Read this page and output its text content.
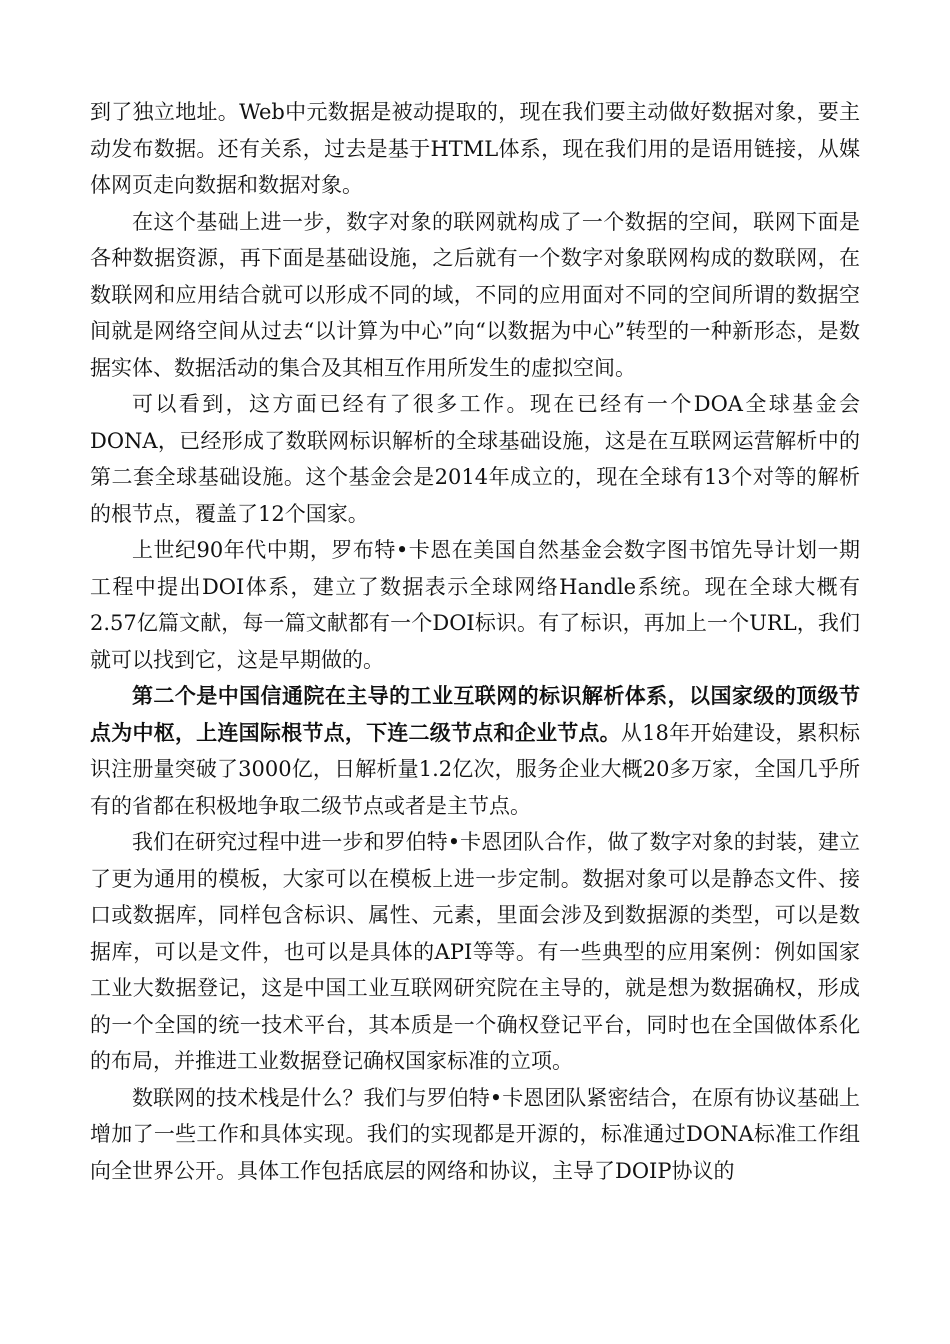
到了独立地址。Web中元数据是被动提取的，现在我们要主动做好数据对象，要主动发布数据。还有关系，过去是基于HTML体系，现在我们用的是语用链接，从媒体网页走向数据和数据对象。

在这个基础上进一步，数字对象的联网就构成了一个数据的空间，联网下面是各种数据资源，再下面是基础设施，之后就有一个数字对象联网构成的数联网，在数联网和应用结合就可以形成不同的域，不同的应用面对不同的空间所谓的数据空间就是网络空间从过去“以计算为中心”向“以数据为中心”转型的一种新形态，是数据实体、数据活动的集合及其相互作用所发生的虚拟空间。

可以看到，这方面已经有了很多工作。现在已经有一个DOA全球基金会DONA，已经形成了数联网标识解析的全球基础设施，这是在互联网运营解析中的第二套全球基础设施。这个基金会是2014年成立的，现在全球有13个对等的解析的根节点，覆盖了12个国家。

上世纪90年代中期，罗布特•卡恩在美国自然基金会数字图书馆先导计划一期工程中提出DOI体系，建立了数据表示全球网络Handle系统。现在全球大概有2.57亿篇文献，每一篇文献都有一个DOI标识。有了标识，再加上一个URL，我们就可以找到它，这是早期做的。

第二个是中国信通院在主导的工业互联网的标识解析体系，以国家级的顶级节点为中枢，上连国际根节点，下连二级节点和企业节点。从18年开始建设，累积标识注册量突破了3000亿，日解析量1.2亿次，服务企业大概20多万家，全国几乎所有的省都在积极地争取二级节点或者是主节点。

我们在研究过程中进一步和罗伯特•卡恩团队合作，做了数字对象的封装，建立了更为通用的模板，大家可以在模板上进一步定制。数据对象可以是静态文件、接口或数据库，同样包含标识、属性、元素，里面会涉及到数据源的类型，可以是数据库，可以是文件，也可以是具体的API等等。有一些典型的应用案例：例如国家工业大数据登记，这是中国工业互联网研究院在主导的，就是想为数据确权，形成的一个全国的统一技术平台，其本质是一个确权登记平台，同时也在全国做体系化的布局，并推进工业数据登记确权国家标准的立项。

数联网的技术栈是什么？我们与罗伯特•卡恩团队紧密结合，在原有协议基础上增加了一些工作和具体实现。我们的实现都是开源的，标准通过DONA标准工作组向全世界公开。具体工作包括底层的网络和协议，主导了DOIP协议的
